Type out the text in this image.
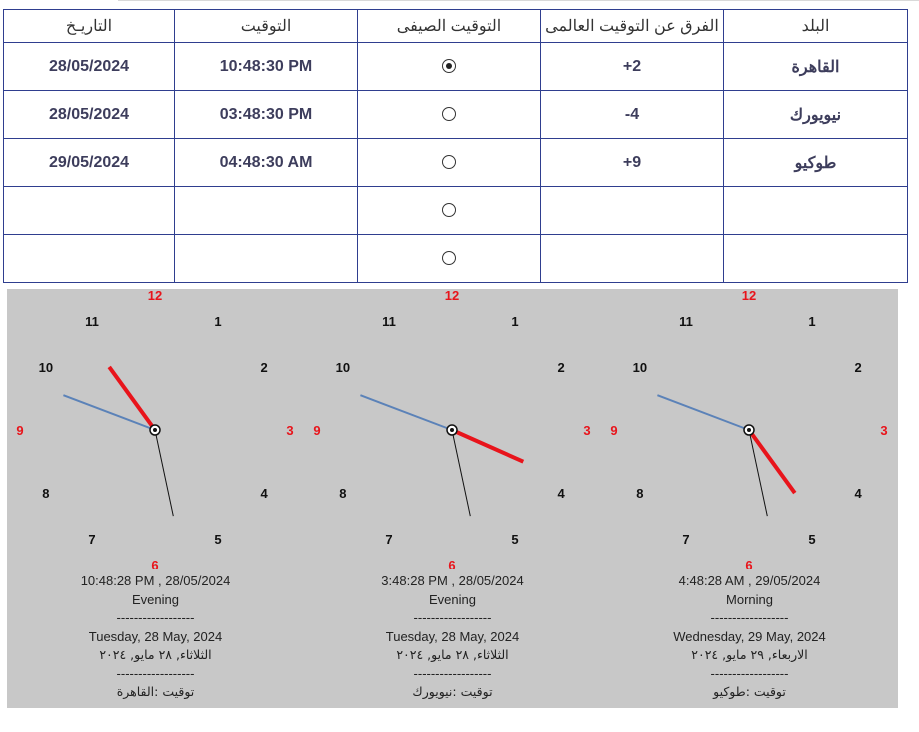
التاريـخ	التوقيت	التوقيت الصيفى	الفرق عن التوقيت العالمى	البلد
28/05/2024	10:48:30 PM		+2	القاهرة
28/05/2024	03:48:30 PM		-4	نيويورك
29/05/2024	04:48:30 AM		+9	طوكيو

12
1
2
3
4
5
6
7
8
9
10
11
10:48:28 PM , 28/05/2024
Evening
------------------
Tuesday, 28 May, 2024
الثلاثاء, ٢٨ مايو, ٢٠٢٤
------------------
توقيت :القاهرة
12
1
2
3
4
5
6
7
8
9
10
11
3:48:28 PM , 28/05/2024
Evening
------------------
Tuesday, 28 May, 2024
الثلاثاء, ٢٨ مايو, ٢٠٢٤
------------------
توقيت :نيويورك
12
1
2
3
4
5
6
7
8
9
10
11
4:48:28 AM , 29/05/2024
Morning
------------------
Wednesday, 29 May, 2024
الاربعاء, ٢٩ مايو, ٢٠٢٤
------------------
توقيت :طوكيو
